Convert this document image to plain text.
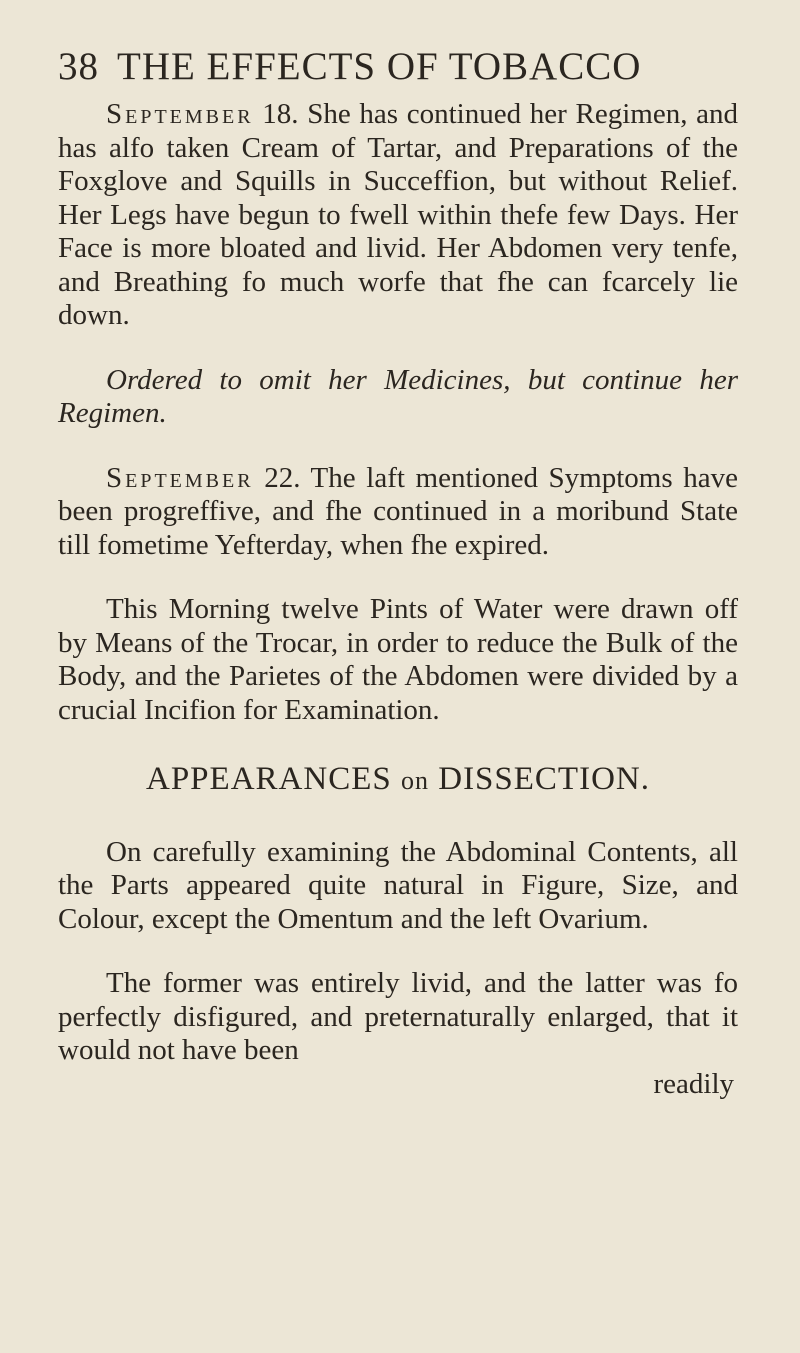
38 THE EFFECTS OF TOBACCO

September 18. She has continued her Regimen, and has alfo taken Cream of Tartar, and Preparations of the Foxglove and Squills in Succeffion, but without Relief. Her Legs have begun to fwell within thefe few Days. Her Face is more bloated and livid. Her Abdomen very tenfe, and Breathing fo much worfe that fhe can fcarcely lie down.

Ordered to omit her Medicines, but continue her Regimen.

September 22. The laft mentioned Symptoms have been progreffive, and fhe continued in a moribund State till fometime Yefterday, when fhe expired.

This Morning twelve Pints of Water were drawn off by Means of the Trocar, in order to reduce the Bulk of the Body, and the Parietes of the Abdomen were divided by a crucial Incifion for Examination.

APPEARANCES on DISSECTION.

On carefully examining the Abdominal Contents, all the Parts appeared quite natural in Figure, Size, and Colour, except the Omentum and the left Ovarium.

The former was entirely livid, and the latter was fo perfectly disfigured, and preternaturally enlarged, that it would not have been

readily
